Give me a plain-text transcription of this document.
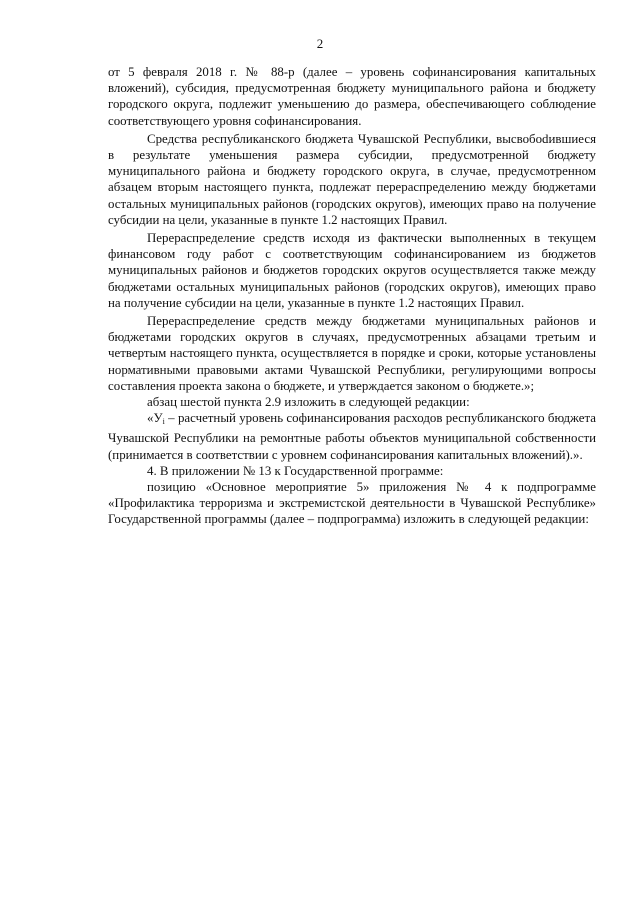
2

от 5 февраля 2018 г. № 88-р (далее – уровень софинансирования капитальных вложений), субсидия, предусмотренная бюджету муниципального района и бюджету городского округа, подлежит уменьшению до размера, обеспечивающего соблюдение соответствующего уровня софинансирования.

Средства республиканского бюджета Чувашской Республики, высвобоdившиеся в результате уменьшения размера субсидии, предусмотренной бюджету муниципального района и бюджету городского округа, в случае, предусмотренном абзацем вторым настоящего пункта, подлежат перераспределению между бюджетами остальных муниципальных районов (городских округов), имеющих право на получение субсидии на цели, указанные в пункте 1.2 настоящих Правил.

Перераспределение средств исходя из фактически выполненных в текущем финансовом году работ с соответствующим софинансированием из бюджетов муниципальных районов и бюджетов городских округов осуществляется также между бюджетами остальных муниципальных районов (городских округов), имеющих право на получение субсидии на цели, указанные в пункте 1.2 настоящих Правил.

Перераспределение средств между бюджетами муниципальных районов и бюджетами городских округов в случаях, предусмотренных абзацами третьим и четвертым настоящего пункта, осуществляется в порядке и сроки, которые установлены нормативными правовыми актами Чувашской Республики, регулирующими вопросы составления проекта закона о бюджете, и утверждается законом о бюджете.»;

абзац шестой пункта 2.9 изложить в следующей редакции:

«$У_i$ – расчетный уровень софинансирования расходов республиканского бюджета Чувашской Республики на ремонтные работы объектов муниципальной собственности (принимается в соответствии с уровнем софинансирования капитальных вложений).».

4. В приложении № 13 к Государственной программе:

позицию «Основное мероприятие 5» приложения № 4 к подпрограмме «Профилактика терроризма и экстремистской деятельности в Чувашской Республике» Государственной программы (далее – подпрограмма) изложить в следующей редакции:
